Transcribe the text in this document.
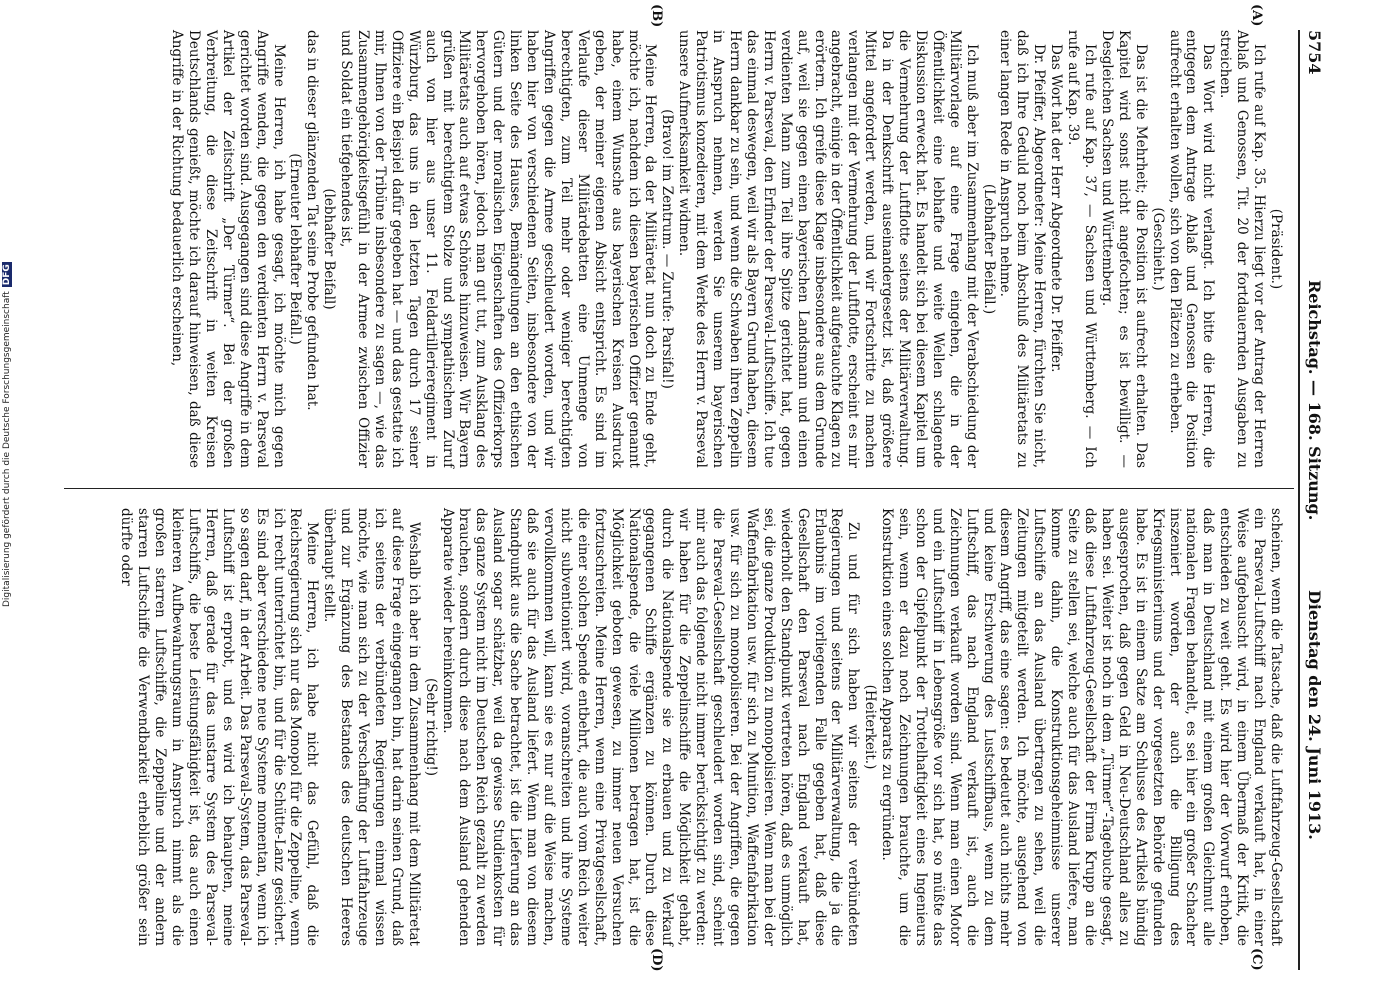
5754
Reichstag. — 168. Sitzung.
Dienstag den 24. Juni 1913.
(A)
(B)
(C)
(D)

(Präsident.)

Ich rufe auf Kap. 35. Hierzu liegt vor der Antrag der Herren Ablaß und Genossen, Tit. 20 der fortdauernden Ausgaben zu streichen.

Das Wort wird nicht verlangt. Ich bitte die Herren, die entgegen dem Antrage Ablaß und Genossen die Position aufrecht erhalten wollen, sich von den Plätzen zu erheben.

(Geschieht.)

Das ist die Mehrheit; die Position ist aufrecht erhalten. Das Kapitel wird sonst nicht angefochten; es ist bewilligt. — Desgleichen Sachsen und Württemberg.

Ich rufe auf Kap. 37, — Sachsen und Württemberg. — Ich rufe auf Kap. 39.

Das Wort hat der Herr Abgeordnete Dr. Pfeiffer.

Dr. Pfeiffer, Abgeordneter: Meine Herren, fürchten Sie nicht, daß ich Ihre Geduld noch beim Abschluß des Militäretats zu einer langen Rede in Anspruch nehme.

(Lebhafter Beifall.)

Ich muß aber im Zusammenhang mit der Verabschiedung der Militärvorlage auf eine Frage eingehen, die in der Öffentlichkeit eine lebhafte und weite Wellen schlagende Diskussion erweckt hat. Es handelt sich bei diesem Kapitel um die Vermehrung der Luftflotte seitens der Militärverwaltung. Da in der Denkschrift auseinandergesetzt ist, daß größere Mittel angefordert werden, und wir Fortschritte zu machen verlangen mit der Vermehrung der Luftflotte, erscheint es mir angebracht, einige in der Öffentlichkeit aufgetauchte Klagen zu erörtern. Ich greife diese Klage insbesondere aus dem Grunde auf, weil sie gegen einen bayerischen Landsmann und einen verdienten Mann zum Teil ihre Spitze gerichtet hat, gegen Herrn v. Parseval, den Erfinder der Parseval-Luftschiffe. Ich tue das einmal deswegen, weil wir als Bayern Grund haben, diesem Herrn dankbar zu sein, und wenn die Schwaben ihren Zeppelin in Anspruch nehmen, werden Sie unserem bayerischen Patriotismus konzedieren, mit dem Werke des Herrn v. Parseval unsere Aufmerksamkeit widmen.

(Bravo! im Zentrum. — Zurufe: Parsifal!)

Meine Herren, da der Militäretat nun doch zu Ende geht, möchte ich, nachdem ich diesen bayerischen Offizier genannt habe, einem Wunsche aus bayerischen Kreisen Ausdruck geben, der meiner eigenen Absicht entspricht. Es sind im Verlaufe dieser Militärdebatten eine Unmenge von berechtigten, zum Teil mehr oder weniger berechtigten Angriffen gegen die Armee geschleudert worden, und wir haben hier von verschiedenen Seiten, insbesondere von der linken Seite des Hauses, Bemängelungen an den ethischen Gütern und der moralischen Eigenschaften des Offizierkorps hervorgehoben hören, jedoch man gut tut, zum Ausklang des Militäretats auch auf etwas Schönes hinzuweisen. Wir Bayern grüßen mit berechtigtem Stolze und sympathischem Zuruf auch von hier aus unser 11. Feldartillerieregiment in Würzburg, das uns in den letzten Tagen durch 17 seiner Offiziere ein Beispiel dafür gegeben hat — und das gestatte ich mir, Ihnen von der Tribüne insbesondere zu sagen —, wie das Zusammengehörigkeitsgefühl in der Armee zwischen Offizier und Soldat ein tiefgehendes ist,

(lebhafter Beifall)

das in dieser glänzenden Tat seine Probe gefunden hat.

(Erneuter lebhafter Beifall.)

Meine Herren, ich habe gesagt, ich möchte mich gegen Angriffe wenden, die gegen den verdienten Herrn v. Parseval gerichtet worden sind. Ausgegangen sind diese Angriffe in dem Artikel der Zeitschrift „Der Türmer“. Bei der großen Verbreitung, die diese Zeitschrift in weiten Kreisen Deutschlands genießt, möchte ich darauf hinweisen, daß diese Angriffe in der Richtung bedauerlich erscheinen,

scheinen, wenn die Tatsache, daß die Luftfahrzeug-Gesellschaft ein Parseval-Luftschiff nach England verkauft hat, in einer Weise aufgebauscht wird, in einem Übermaß der Kritik, die entschieden zu weit geht. Es wird hier der Vorwurf erhoben, daß man in Deutschland mit einem großen Gleichmut alle nationalen Fragen behandelt, es sei hier ein großer Schacher inszeniert worden, der auch die Billigung des Kriegsministeriums und der vorgesetzten Behörde gefunden habe. Es ist in einem Satze am Schlusse des Artikels bündig ausgesprochen, daß gegen Geld in Neu-Deutschland alles zu haben sei. Weiter ist noch in dem „Türmer“-Tagebuche gesagt, daß diese Luftfahrzeug-Gesellschaft der Firma Krupp an die Seite zu stellen sei, welche auch für das Ausland liefere, man komme dahin, die Konstruktionsgeheimnisse unserer Luftschiffe an das Ausland übertragen zu sehen, weil die Zeitungen mitgeteilt werden. Ich möchte, ausgehend von diesem Angriff, das eine sagen: es bedeutet auch nichts mehr und keine Erschwerung des Lustschiffbaus, wenn zu dem Luftschiff, das nach England verkauft ist, auch die Zeichnungen verkauft worden sind. Wenn man einen Motor und ein Luftschiff in Lebensgröße vor sich hat, so müßte das schon der Gipfelpunkt der Trottelhaftigkeit eines Ingenieurs sein, wenn er dazu noch Zeichnungen brauchte, um die Konstruktion eines solchen Apparats zu ergründen.

(Heiterkeit.)

Zu und für sich haben wir seitens der verbündeten Regierungen und seitens der Militärverwaltung, die ja die Erlaubnis im vorliegenden Falle gegeben hat, daß diese Gesellschaft den Parseval nach England verkauft hat, wiederholt den Standpunkt vertreten hören, daß es unmöglich sei, die ganze Produktion zu monopolisieren. Wenn man bei der Waffenfabrikation usw. für sich zu Munition, Waffenfabrikation usw. für sich zu monopolisieren. Bei der Angriffen, die gegen die Parseval-Gesellschaft geschleudert worden sind, scheint mir auch das folgende nicht immer berücksichtigt zu werden: wir haben für die Zeppelinschiffe die Möglichkeit gehabt, durch die Nationalspende sie zu erbauen und zu Verkauf gegangenen Schiffe ergänzen zu können. Durch diese Nationalspende, die viele Millionen betragen hat, ist die Möglichkeit geboten gewesen, zu immer neuen Versuchen fortzuschreiten. Meine Herren, wenn eine Privatgesellschaft, die einer solchen Spende entbehrt, die auch vom Reich weiter nicht subventioniert wird, voranschreiten und ihre Systeme vervollkommnen will, kann sie es nur auf die Weise machen, daß sie auch für das Ausland liefert. Wenn man von diesem Standpunkt aus die Sache betrachtet, ist die Lieferung an das Ausland sogar schätzbar, weil da gewisse Studienkosten für das ganze System nicht im Deutschen Reich gezahlt zu werden brauchen, sondern durch diese nach dem Ausland gehenden Apparate wieder hereinkommen.

(Sehr richtig!)

Weshalb ich aber in dem Zusammenhang mit dem Militäretat auf diese Frage eingegangen bin, hat darin seinen Grund, daß ich seitens der verbündeten Regierungen einmal wissen möchte, wie man sich zu der Verschaffung der Luftfahrzeuge und zur Ergänzung des Bestandes des deutschen Heeres überhaupt stellt.

Meine Herren, ich habe nicht das Gefühl, daß die Reichsregierung sich nur das Monopol für die Zeppeline, wenn ich recht unterrichtet bin, und für die Schütte-Lanz gesichert. Es sind aber verschiedene neue Systeme momentan, wenn ich so sagen darf, in der Arbeit. Das Parseval-System, das Parseval-Luftschiff ist erprobt, und es wird ich behaupten, meine Herren, daß gerade für das unstarre System des Parseval-Luftschiffs, die beste Leistungsfähigkeit ist, das auch einen kleineren Aufbewahrungsraum in Anspruch nimmt als die großen starren Luftschiffe, die Zeppeline und der andern starren Luftschiffe die Verwendbarkeit erheblich größer sein dürfte oder

Digitalisierung gefördert durch die Deutsche ForschungsgemeinschaftDFG
